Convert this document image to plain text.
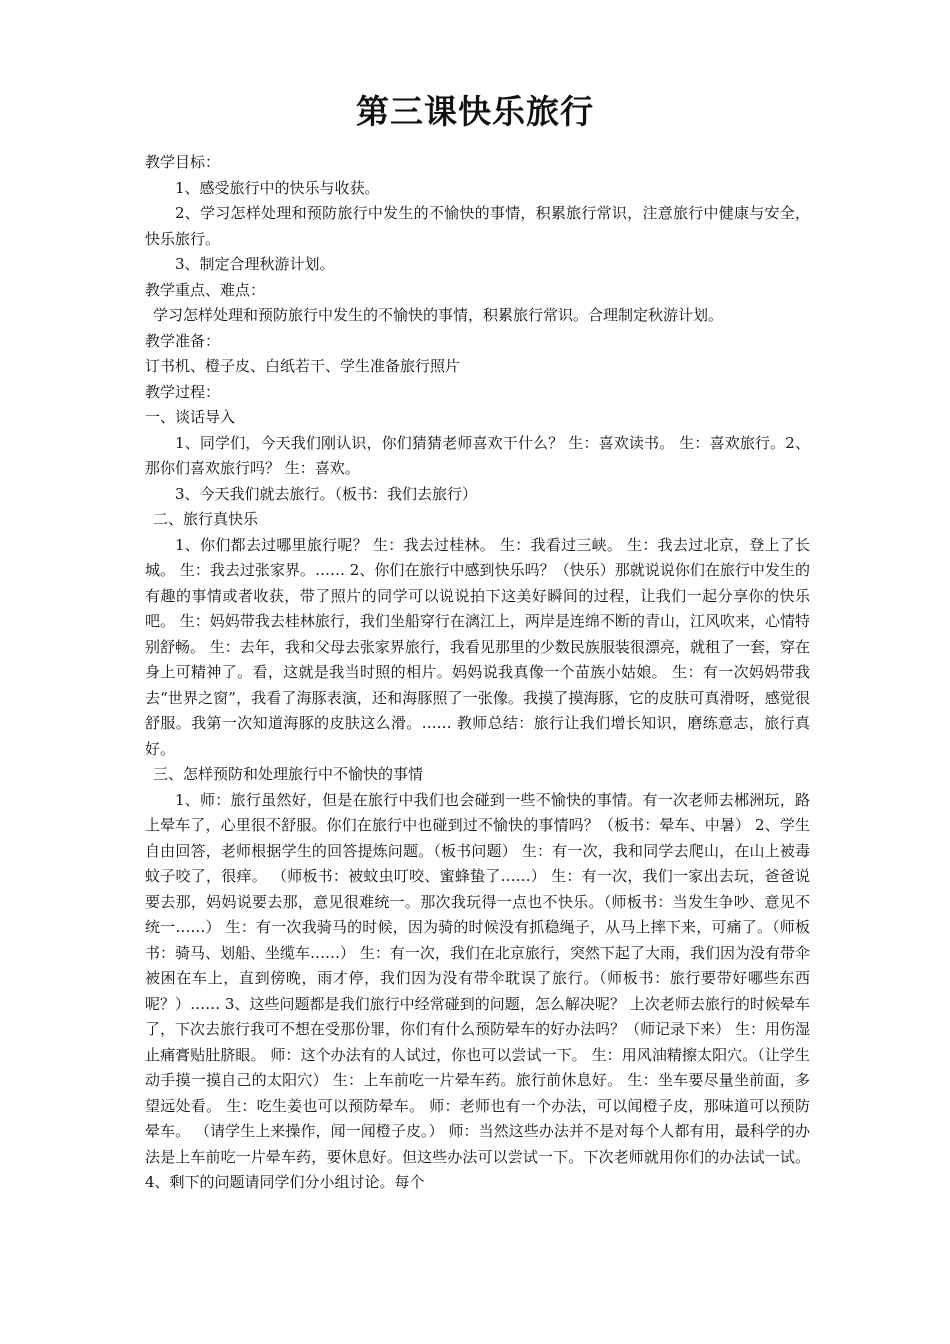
第三课快乐旅行

教学目标：

1、感受旅行中的快乐与收获。

2、学习怎样处理和预防旅行中发生的不愉快的事情，积累旅行常识，注意旅行中健康与安全，快乐旅行。

3、制定合理秋游计划。

教学重点、难点：

学习怎样处理和预防旅行中发生的不愉快的事情，积累旅行常识。合理制定秋游计划。

教学准备：

订书机、橙子皮、白纸若干、学生准备旅行照片

教学过程：

一、谈话导入

1、同学们，今天我们刚认识，你们猜猜老师喜欢干什么？ 生：喜欢读书。 生：喜欢旅行。2、那你们喜欢旅行吗？ 生：喜欢。

3、今天我们就去旅行。（板书：我们去旅行）

二、旅行真快乐

1、你们都去过哪里旅行呢？ 生：我去过桂林。 生：我看过三峡。 生：我去过北京，登上了长城。 生：我去过张家界。…… 2、你们在旅行中感到快乐吗？（快乐）那就说说你们在旅行中发生的有趣的事情或者收获，带了照片的同学可以说说拍下这美好瞬间的过程，让我们一起分享你的快乐吧。 生：妈妈带我去桂林旅行，我们坐船穿行在漓江上，两岸是连绵不断的青山，江风吹来，心情特别舒畅。 生：去年，我和父母去张家界旅行，我看见那里的少数民族服装很漂亮，就租了一套，穿在身上可精神了。看，这就是我当时照的相片。妈妈说我真像一个苗族小姑娘。 生：有一次妈妈带我去“世界之窗”，我看了海豚表演，还和海豚照了一张像。我摸了摸海豚，它的皮肤可真滑呀，感觉很舒服。我第一次知道海豚的皮肤这么滑。…… 教师总结：旅行让我们增长知识，磨练意志，旅行真好。

三、怎样预防和处理旅行中不愉快的事情

1、师：旅行虽然好，但是在旅行中我们也会碰到一些不愉快的事情。有一次老师去郴洲玩，路上晕车了，心里很不舒服。你们在旅行中也碰到过不愉快的事情吗？（板书：晕车、中暑） 2、学生自由回答，老师根据学生的回答提炼问题。（板书问题） 生：有一次，我和同学去爬山，在山上被毒蚊子咬了，很痒。 （师板书：被蚊虫叮咬、蜜蜂蛰了……） 生：有一次，我们一家出去玩，爸爸说要去那，妈妈说要去那，意见很难统一。那次我玩得一点也不快乐。（师板书：当发生争吵、意见不统一……） 生：有一次我骑马的时候，因为骑的时候没有抓稳绳子，从马上摔下来，可痛了。（师板书：骑马、划船、坐缆车……） 生：有一次，我们在北京旅行，突然下起了大雨，我们因为没有带伞被困在车上，直到傍晚，雨才停，我们因为没有带伞耽误了旅行。（师板书：旅行要带好哪些东西呢？）…… 3、这些问题都是我们旅行中经常碰到的问题，怎么解决呢？ 上次老师去旅行的时候晕车了，下次去旅行我可不想在受那份罪，你们有什么预防晕车的好办法吗？（师记录下来） 生：用伤湿止痛膏贴肚脐眼。 师：这个办法有的人试过，你也可以尝试一下。 生：用风油精擦太阳穴。（让学生动手摸一摸自己的太阳穴） 生：上车前吃一片晕车药。旅行前休息好。 生：坐车要尽量坐前面，多望远处看。 生：吃生姜也可以预防晕车。 师：老师也有一个办法，可以闻橙子皮，那味道可以预防晕车。 （请学生上来操作，闻一闻橙子皮。） 师：当然这些办法并不是对每个人都有用，最科学的办法是上车前吃一片晕车药，要休息好。但这些办法可以尝试一下。下次老师就用你们的办法试一试。 4、剩下的问题请同学们分小组讨论。每个
